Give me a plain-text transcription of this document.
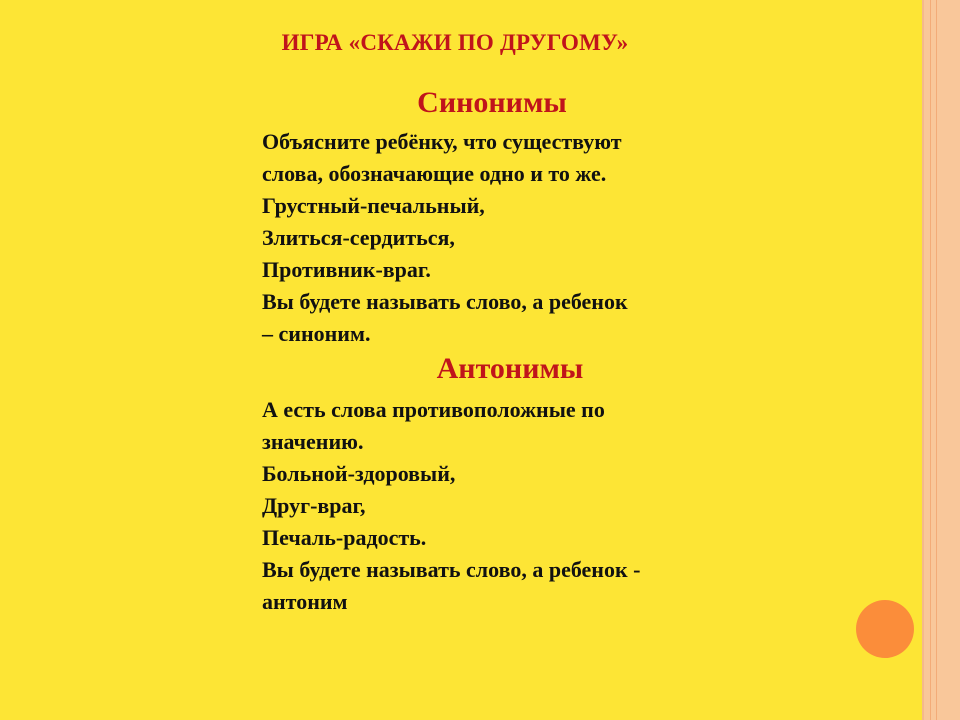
ИГРА «СКАЖИ ПО ДРУГОМУ»
Синонимы
Объясните ребёнку, что существуют
слова, обозначающие одно и то же.
Грустный-печальный,
Злиться-сердиться,
Противник-враг.
Вы будете называть слово, а ребенок
– синоним.
Антонимы
А есть слова противоположные по
значению.
Больной-здоровый,
Друг-враг,
Печаль-радость.
Вы будете называть слово, а ребенок -
антоним
